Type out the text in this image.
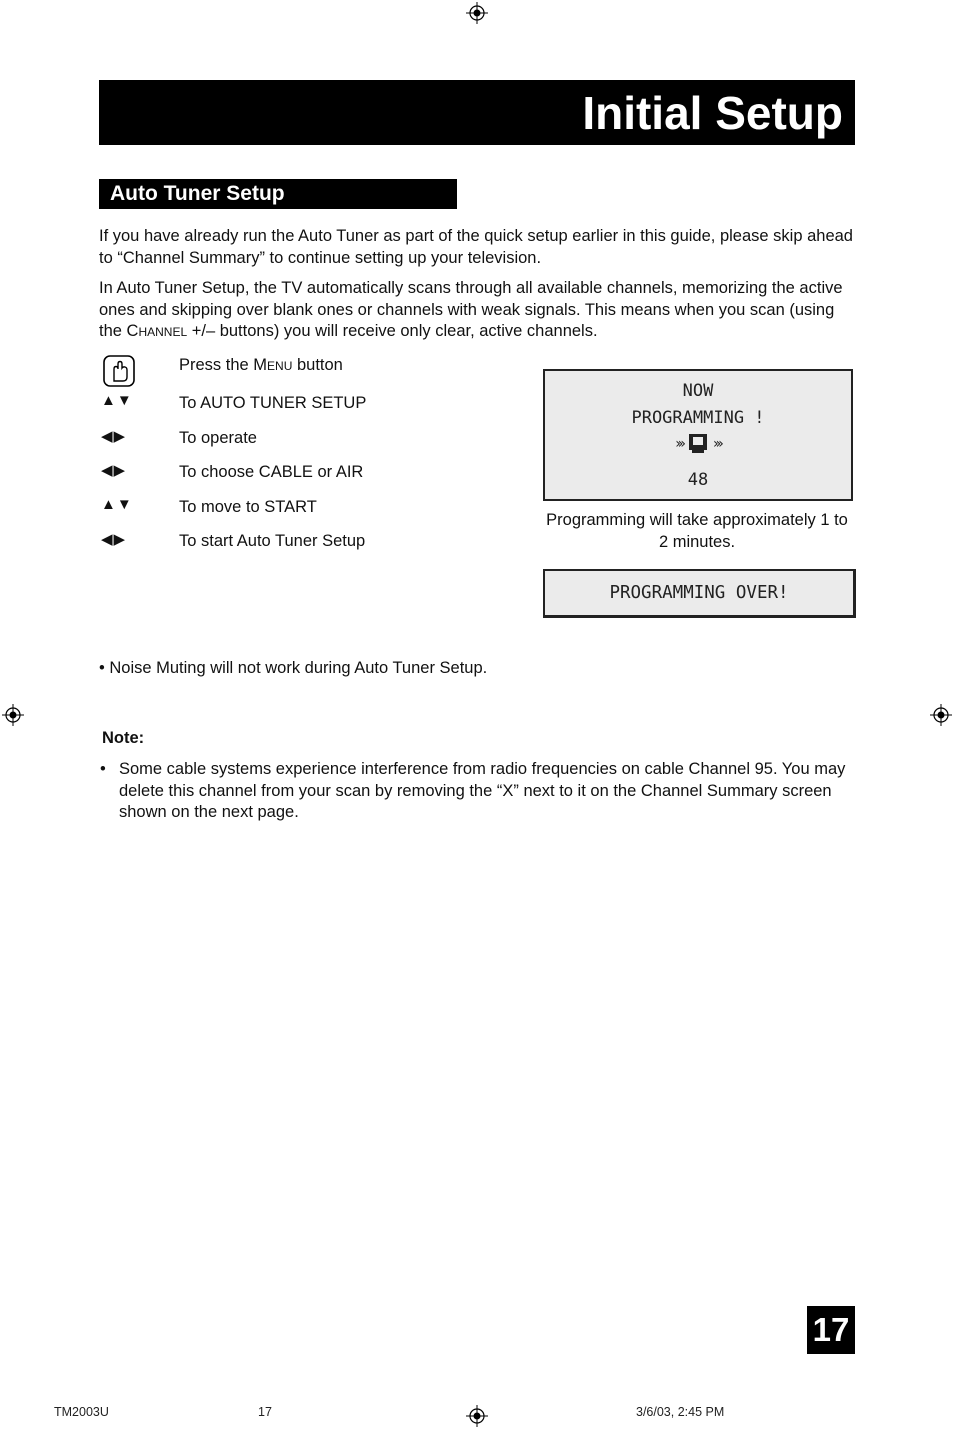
Initial Setup
Auto Tuner Setup

If you have already run the Auto Tuner as part of the quick setup earlier in this guide, please skip ahead to “Channel Summary” to continue setting up your television.

In Auto Tuner Setup, the TV automatically scans through all available channels, memorizing the active ones and skipping over blank ones or channels with weak signals. This means when you scan (using the Channel +/– buttons) you will receive only clear, active channels.

Press the Menu button
▲▼	To AUTO TUNER SETUP
◀▶	To operate
◀▶	To choose CABLE or AIR
▲▼	To move to START
◀▶	To start Auto Tuner Setup
NOW
PROGRAMMING !
››› ›››
48

Programming will take approximately 1 to 2 minutes.

PROGRAMMING OVER!

• Noise Muting will not work during Auto Tuner Setup.

Note:

• Some cable systems experience interference from radio frequencies on cable Channel 95. You may delete this channel from your scan by removing the “X” next to it on the Channel Summary screen shown on the next page.

17
TM2003U	17	3/6/03, 2:45 PM
